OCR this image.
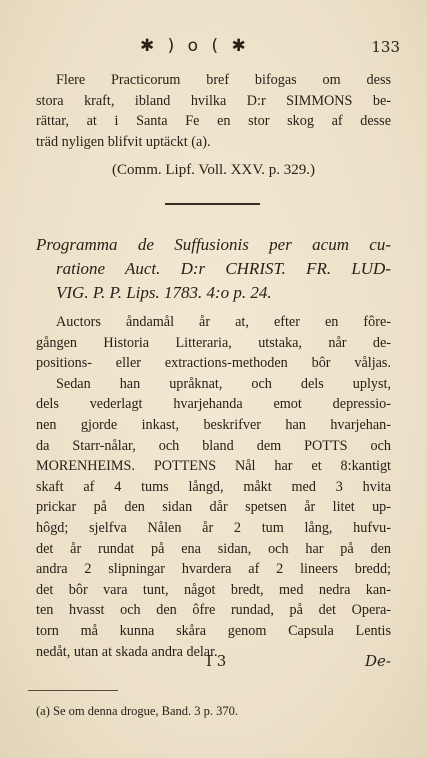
✱ ) o ( ✱	133
Flere Practicorum bref bifogas om dess
stora kraft, ibland hvilka D:r SIMMONS be-
rättar, at i Santa Fe en stor skog af desse
träd nyligen blifvit uptäckt (a).
(Comm. Lipf. Voll. XXV. p. 329.)
Programma de Suffusionis per acum cu-
ratione Auct. D:r CHRIST. FR. LUD-
VIG. P. P. Lips. 1783. 4:o p. 24.
Auctors åndamål år at, efter en fôre-
gången Historia Litteraria, utstaka, når de-
positions- eller extractions-methoden bôr våljas.
Sedan han upråknat, och dels uplyst,
dels vederlagt hvarjehanda emot depressio-
nen gjorde inkast, beskrifver han hvarjehan-
da Starr-nålar, och bland dem POTTS och
MORENHEIMS. POTTENS Nål har et 8:kantigt
skaft af 4 tums långd, måkt med 3 hvita
prickar på den sidan dår spetsen år litet up-
hôgd; sjelfva Nålen år 2 tum lång, hufvu-
det år rundat på ena sidan, och har på den
andra 2 slipningar hvardera af 2 lineers bredd;
det bôr vara tunt, något bredt, med nedra kan-
ten hvasst och den ôfre rundad, på det Opera-
torn må kunna skåra genom Capsula Lentis
nedåt, utan at skada andra delar.
I 3	De-
(a) Se om denna drogue, Band. 3 p. 370.
